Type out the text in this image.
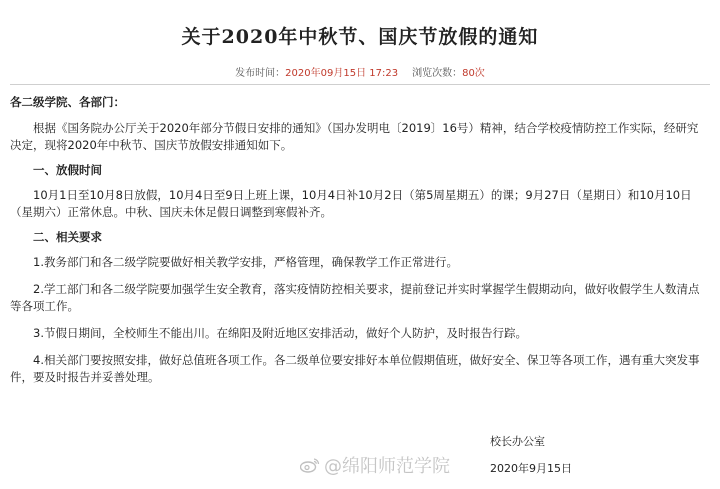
关于2020年中秋节、国庆节放假的通知
发布时间：2020年09月15日 17:23 浏览次数：80次

各二级学院、各部门：

根据《国务院办公厅关于2020年部分节假日安排的通知》（国办发明电〔2019〕16号）精神，结合学校疫情防控工作实际，经研究决定，现将2020年中秋节、国庆节放假安排通知如下。

一、放假时间

10月1日至10月8日放假，10月4日至9日上班上课，10月4日补10月2日（第5周星期五）的课；9月27日（星期日）和10月10日（星期六）正常休息。中秋、国庆未休足假日调整到寒假补齐。

二、相关要求

1.教务部门和各二级学院要做好相关教学安排，严格管理，确保教学工作正常进行。

2.学工部门和各二级学院要加强学生安全教育，落实疫情防控相关要求，提前登记并实时掌握学生假期动向，做好收假学生人数清点等各项工作。

3.节假日期间，全校师生不能出川。在绵阳及附近地区安排活动，做好个人防护，及时报告行踪。

4.相关部门要按照安排，做好总值班各项工作。各二级单位要安排好本单位假期值班，做好安全、保卫等各项工作，遇有重大突发事件，要及时报告并妥善处理。

@绵阳师范学院
校长办公室
2020年9月15日
